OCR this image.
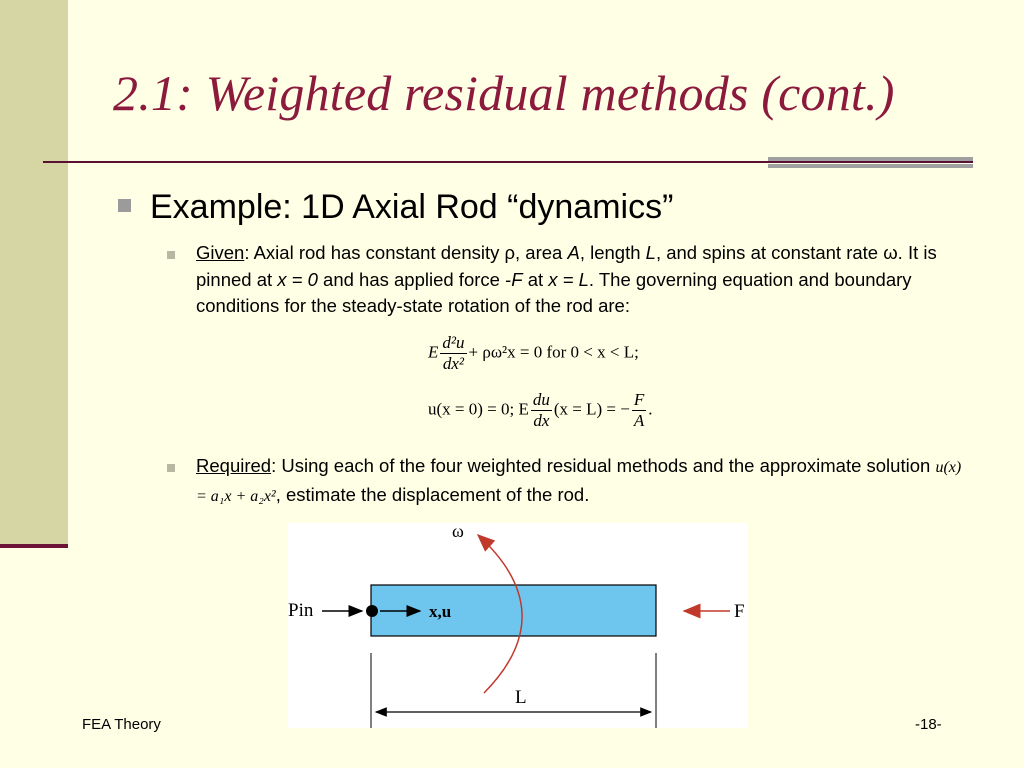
2.1: Weighted residual methods (cont.)
Example: 1D Axial Rod “dynamics”
Given: Axial rod has constant density ρ, area A, length L, and spins at constant rate ω. It is pinned at x = 0 and has applied force -F at x = L. The governing equation and boundary conditions for the steady-state rotation of the rod are:
E $\frac{\text{d²u}}{\text{dx²}} + \rho\omega^2x = 0$ for 0 < x < L;
u(x = 0) = 0; E $\frac{du}{dx} (x = L)$ = − $\frac{F}{A}$ .
Required: Using each of the four weighted residual methods and the approximate solution u(x) = a₁x + a₂x², estimate the displacement of the rod.
ω
Pin	x,u	F
L
FEA Theory	-18-
